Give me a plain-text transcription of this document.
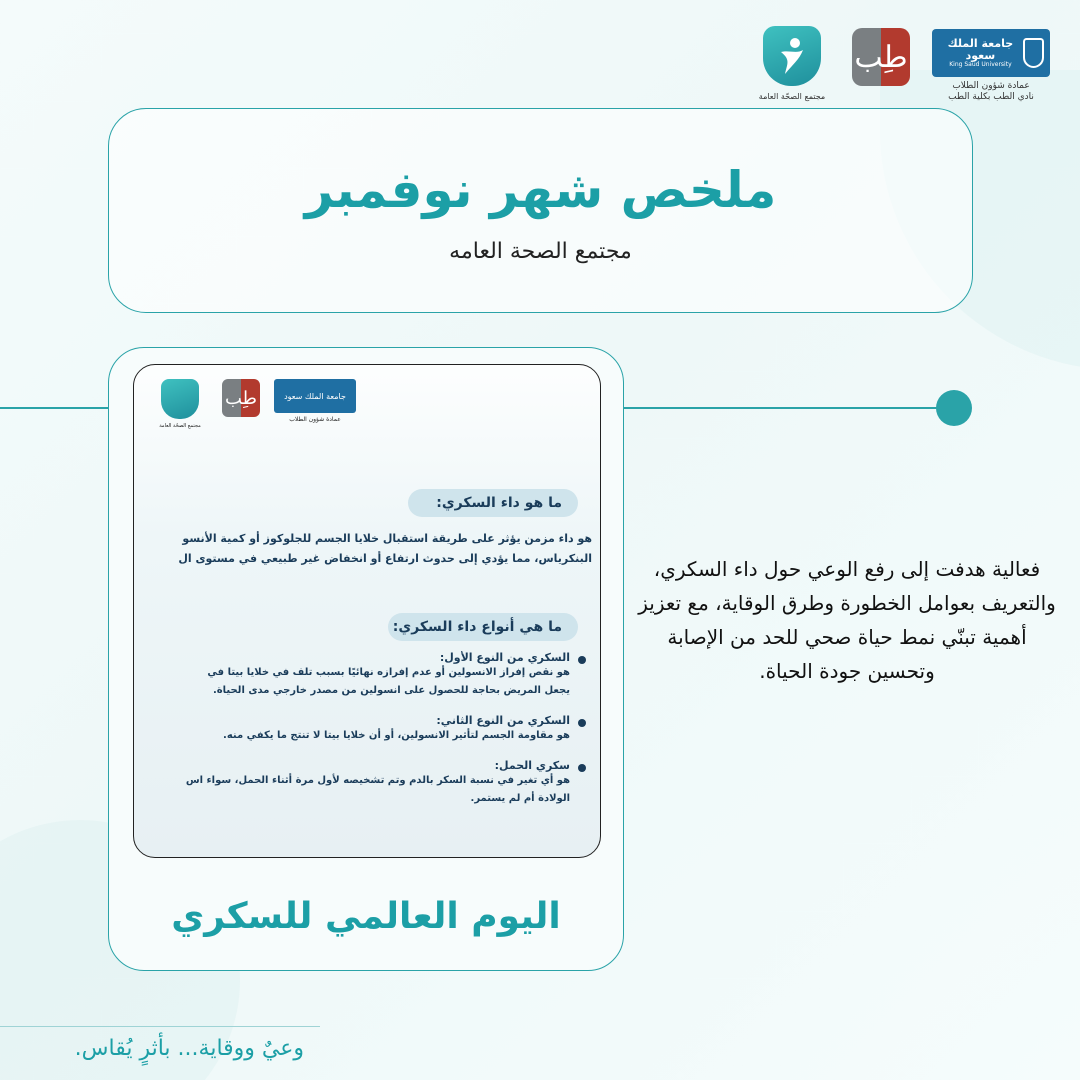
مجتمع الصحّة العامة
طِب	جامعة الملك سعود
King Saud University
عمادة شؤون الطلاب
نادي الطب بكلية الطب
ملخص شهر نوفمبر
مجتمع الصحة العامه
مجتمع الصحّة العامة
طِب	جامعة الملك سعود
عمادة شؤون الطلاب
ما هو داء السكري:
هو داء مزمن يؤثر على طريقة استقبال خلايا الجسم للجلوكوز أو كمية الأنسو
البنكرياس، مما يؤدي إلى حدوث ارتفاع أو انخفاض غير طبيعي في مستوى ال
ما هي أنواع داء السكري:
السكري من النوع الأول:
هو نقص إفراز الانسولين أو عدم إفرازه نهائيًا بسبب تلف في خلايا بيتا في
يجعل المريض بحاجة للحصول على انسولين من مصدر خارجي مدى الحياة.
السكري من النوع الثاني:
هو مقاومة الجسم لتأثير الانسولين، أو أن خلايا بيتا لا تنتج ما يكفي منه.
سكري الحمل:
هو أي تغير في نسبة السكر بالدم وتم تشخيصه لأول مرة أثناء الحمل، سواء اس
الولادة أم لم يستمر.
اليوم العالمي للسكري
فعالية هدفت إلى رفع الوعي حول داء السكري، والتعريف بعوامل الخطورة وطرق الوقاية، مع تعزيز أهمية تبنّي نمط حياة صحي للحد من الإصابة وتحسين جودة الحياة.
وعيٌ ووقاية... بأثرٍ يُقاس.
